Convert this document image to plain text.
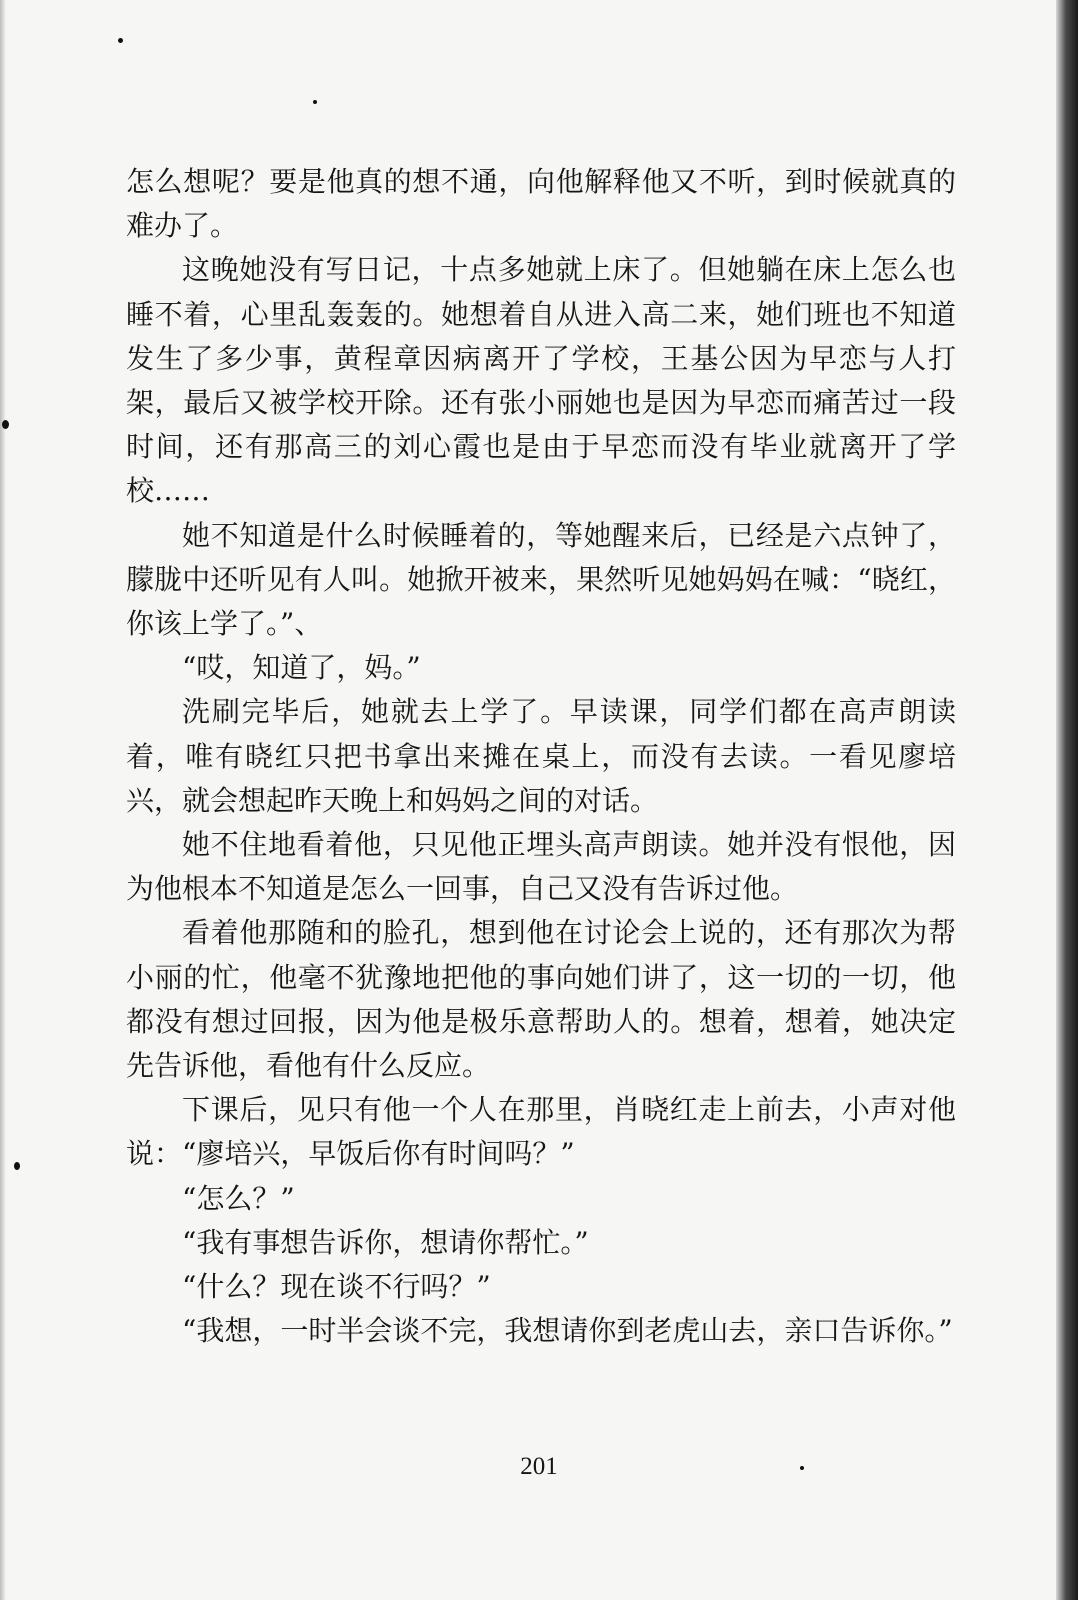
怎么想呢？要是他真的想不通，向他解释他又不听，到时候就真的难办了。

这晚她没有写日记，十点多她就上床了。但她躺在床上怎么也睡不着，心里乱轰轰的。她想着自从进入高二来，她们班也不知道发生了多少事，黄程章因病离开了学校，王基公因为早恋与人打架，最后又被学校开除。还有张小丽她也是因为早恋而痛苦过一段时间，还有那高三的刘心霞也是由于早恋而没有毕业就离开了学校……

她不知道是什么时候睡着的，等她醒来后，已经是六点钟了，朦胧中还听见有人叫。她掀开被来，果然听见她妈妈在喊：“晓红，你该上学了。”、

“哎，知道了，妈。”

洗刷完毕后，她就去上学了。早读课，同学们都在高声朗读着，唯有晓红只把书拿出来摊在桌上，而没有去读。一看见廖培兴，就会想起昨天晚上和妈妈之间的对话。

她不住地看着他，只见他正埋头高声朗读。她并没有恨他，因为他根本不知道是怎么一回事，自己又没有告诉过他。

看着他那随和的脸孔，想到他在讨论会上说的，还有那次为帮小丽的忙，他毫不犹豫地把他的事向她们讲了，这一切的一切，他都没有想过回报，因为他是极乐意帮助人的。想着，想着，她决定先告诉他，看他有什么反应。

下课后，见只有他一个人在那里，肖晓红走上前去，小声对他说：“廖培兴，早饭后你有时间吗？”

“怎么？”

“我有事想告诉你，想请你帮忙。”

“什么？现在谈不行吗？”

“我想，一时半会谈不完，我想请你到老虎山去，亲口告诉你。”

201
